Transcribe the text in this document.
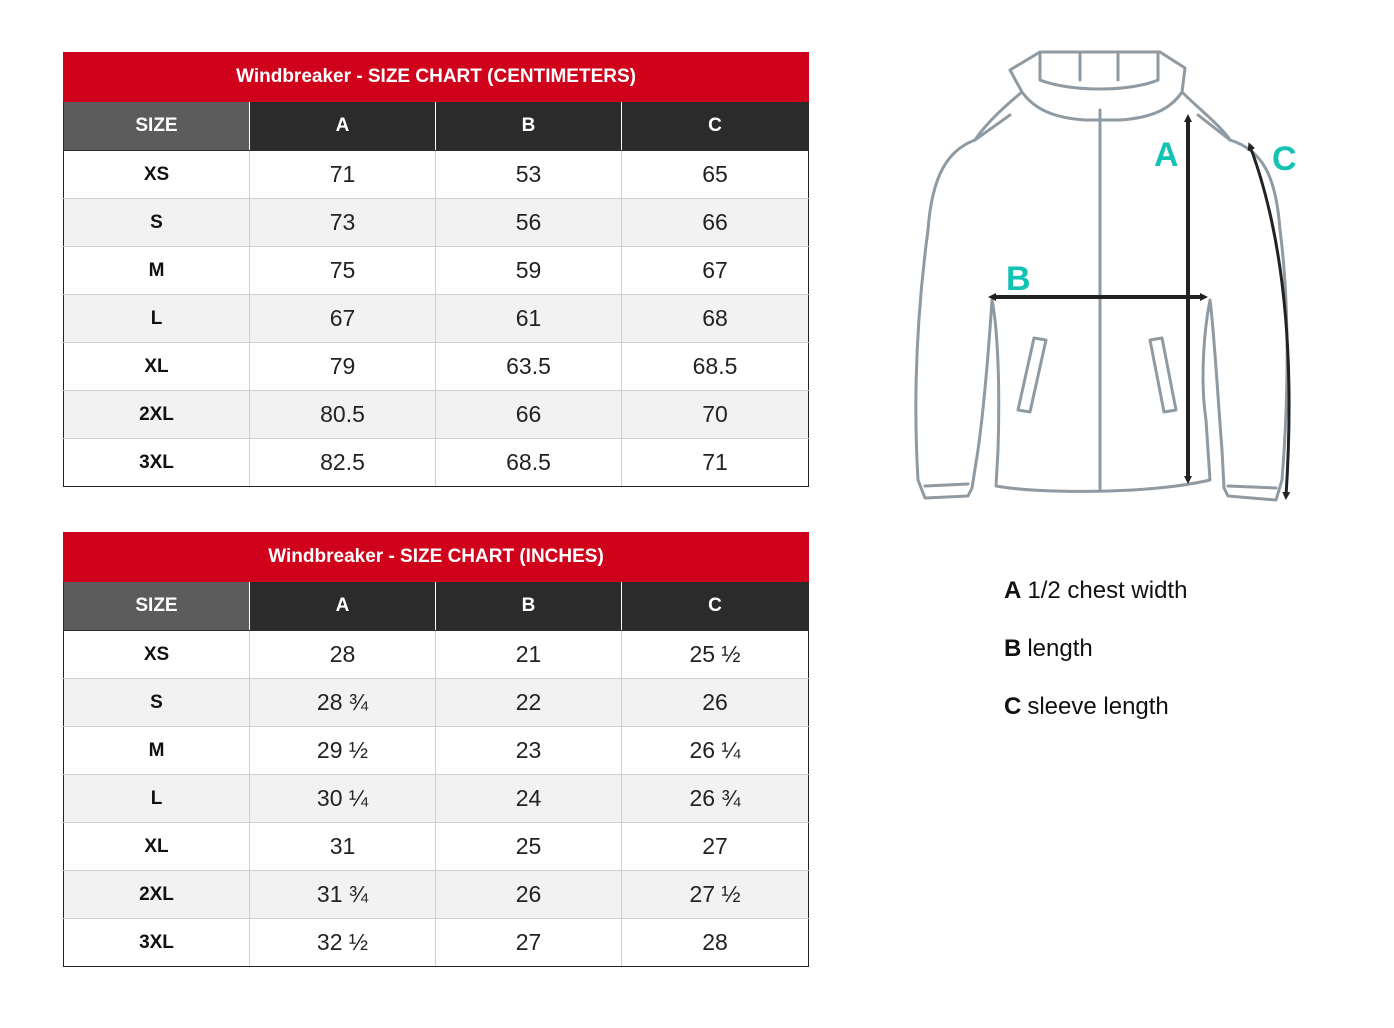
Windbreaker - SIZE CHART (CENTIMETERS)			
SIZE	A	B	C
XS	71	53	65
S	73	56	66
M	75	59	67
L	67	61	68
XL	79	63.5	68.5
2XL	80.5	66	70
3XL	82.5	68.5	71
Windbreaker - SIZE CHART (INCHES)			
SIZE	A	B	C
XS	28	21	25 ½
S	28 ¾	22	26
M	29 ½	23	26 ¼
L	30 ¼	24	26 ¾
XL	31	25	27
2XL	31 ¾	26	27 ½
3XL	32 ½	27	28
A
B
C
A 1/2 chest width
B length
C sleeve length
